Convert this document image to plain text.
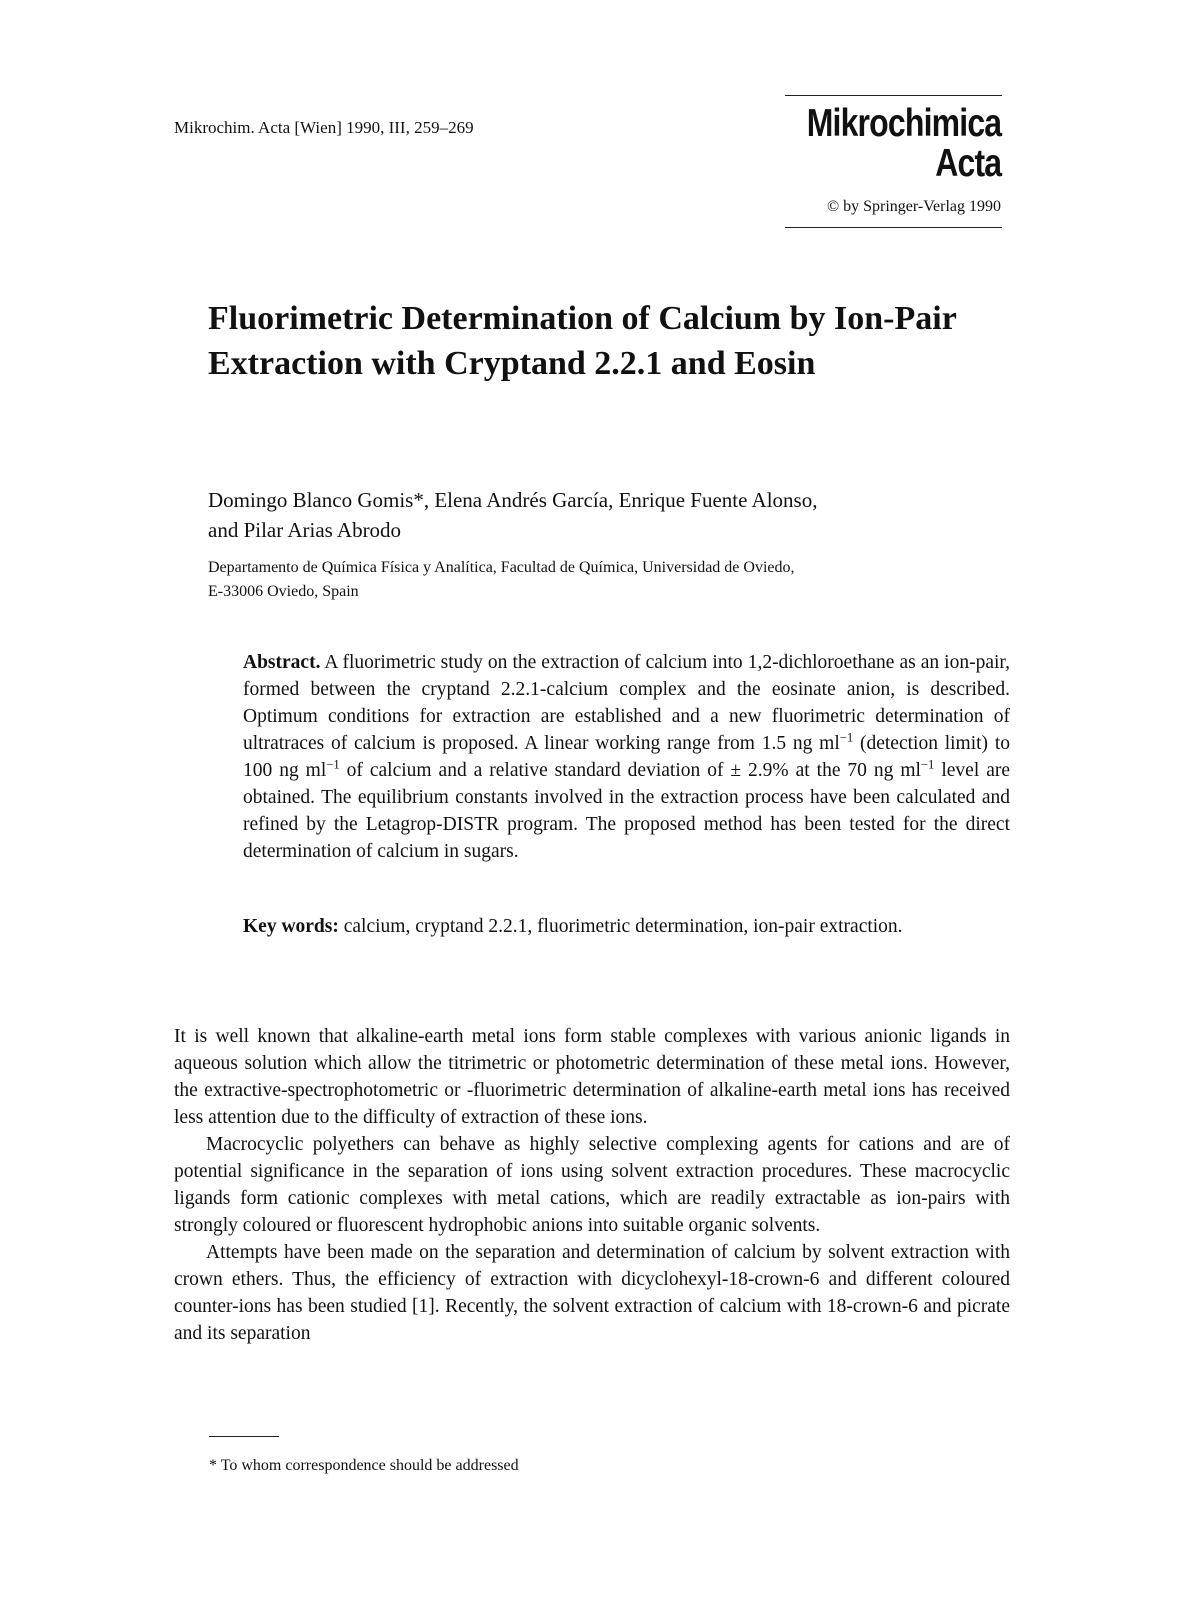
Mikrochim. Acta [Wien] 1990, III, 259–269	Mikrochimica
Acta
© by Springer-Verlag 1990
Fluorimetric Determination of Calcium by Ion-Pair Extraction with Cryptand 2.2.1 and Eosin
Domingo Blanco Gomis*, Elena Andrés García, Enrique Fuente Alonso,
and Pilar Arias Abrodo
Departamento de Química Física y Analítica, Facultad de Química, Universidad de Oviedo,
E-33006 Oviedo, Spain
Abstract. A fluorimetric study on the extraction of calcium into 1,2-dichloroethane as an ion-pair, formed between the cryptand 2.2.1-calcium complex and the eosinate anion, is described. Optimum conditions for extraction are established and a new fluorimetric determination of ultratraces of calcium is proposed. A linear working range from 1.5 ng $ml^{-1}$ (detection limit) to 100 ng $ml^{-1}$ of calcium and a relative standard deviation of ± 2.9% at the 70 ng $ml^{-1}$ level are obtained. The equilibrium constants involved in the extraction process have been calculated and refined by the Letagrop-DISTR program. The proposed method has been tested for the direct determination of calcium in sugars.
Key words: calcium, cryptand 2.2.1, fluorimetric determination, ion-pair extraction.

It is well known that alkaline-earth metal ions form stable complexes with various anionic ligands in aqueous solution which allow the titrimetric or photometric determination of these metal ions. However, the extractive-spectrophotometric or -fluorimetric determination of alkaline-earth metal ions has received less attention due to the difficulty of extraction of these ions.

Macrocyclic polyethers can behave as highly selective complexing agents for cations and are of potential significance in the separation of ions using solvent extraction procedures. These macrocyclic ligands form cationic complexes with metal cations, which are readily extractable as ion-pairs with strongly coloured or fluorescent hydrophobic anions into suitable organic solvents.

Attempts have been made on the separation and determination of calcium by solvent extraction with crown ethers. Thus, the efficiency of extraction with dicyclohexyl-18-crown-6 and different coloured counter-ions has been studied [1]. Recently, the solvent extraction of calcium with 18-crown-6 and picrate and its separation

* To whom correspondence should be addressed
